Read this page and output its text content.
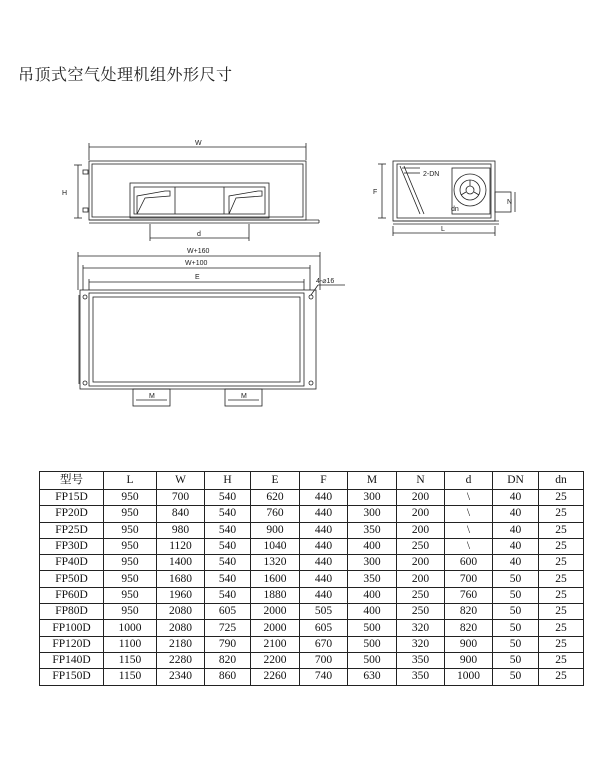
吊顶式空气处理机组外形尺寸
W
H
d
2-DN
dn
N
F
L
W+160
W+100
E
4-⌀16
M	M
型号	L	W	H	E	F	M	N	d	DN	dn
FP15D	950	700	540	620	440	300	200	\	40	25
FP20D	950	840	540	760	440	300	200	\	40	25
FP25D	950	980	540	900	440	350	200	\	40	25
FP30D	950	1120	540	1040	440	400	250	\	40	25
FP40D	950	1400	540	1320	440	300	200	600	40	25
FP50D	950	1680	540	1600	440	350	200	700	50	25
FP60D	950	1960	540	1880	440	400	250	760	50	25
FP80D	950	2080	605	2000	505	400	250	820	50	25
FP100D	1000	2080	725	2000	605	500	320	820	50	25
FP120D	1100	2180	790	2100	670	500	320	900	50	25
FP140D	1150	2280	820	2200	700	500	350	900	50	25
FP150D	1150	2340	860	2260	740	630	350	1000	50	25
